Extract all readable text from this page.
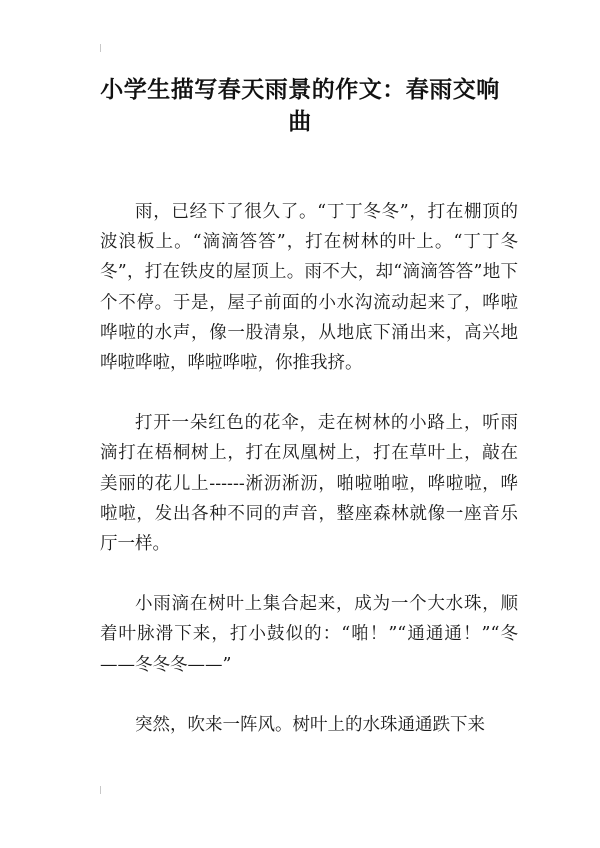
小学生描写春天雨景的作文：春雨交响曲

雨，已经下了很久了。“丁丁冬冬”，打在棚顶的波浪板上。“滴滴答答”，打在树林的叶上。“丁丁冬冬”，打在铁皮的屋顶上。雨不大，却“滴滴答答”地下个不停。于是，屋子前面的小水沟流动起来了，哗啦哗啦的水声，像一股清泉，从地底下涌出来，高兴地哗啦哗啦，哗啦哗啦，你推我挤。

打开一朵红色的花伞，走在树林的小路上，听雨滴打在梧桐树上，打在凤凰树上，打在草叶上，敲在美丽的花儿上------淅沥淅沥，啪啦啪啦，哗啦啦，哗啦啦，发出各种不同的声音，整座森林就像一座音乐厅一样。

小雨滴在树叶上集合起来，成为一个大水珠，顺着叶脉滑下来，打小鼓似的：“啪！”“通通通！”“冬——冬冬冬——”

突然，吹来一阵风。树叶上的水珠通通跌下来
